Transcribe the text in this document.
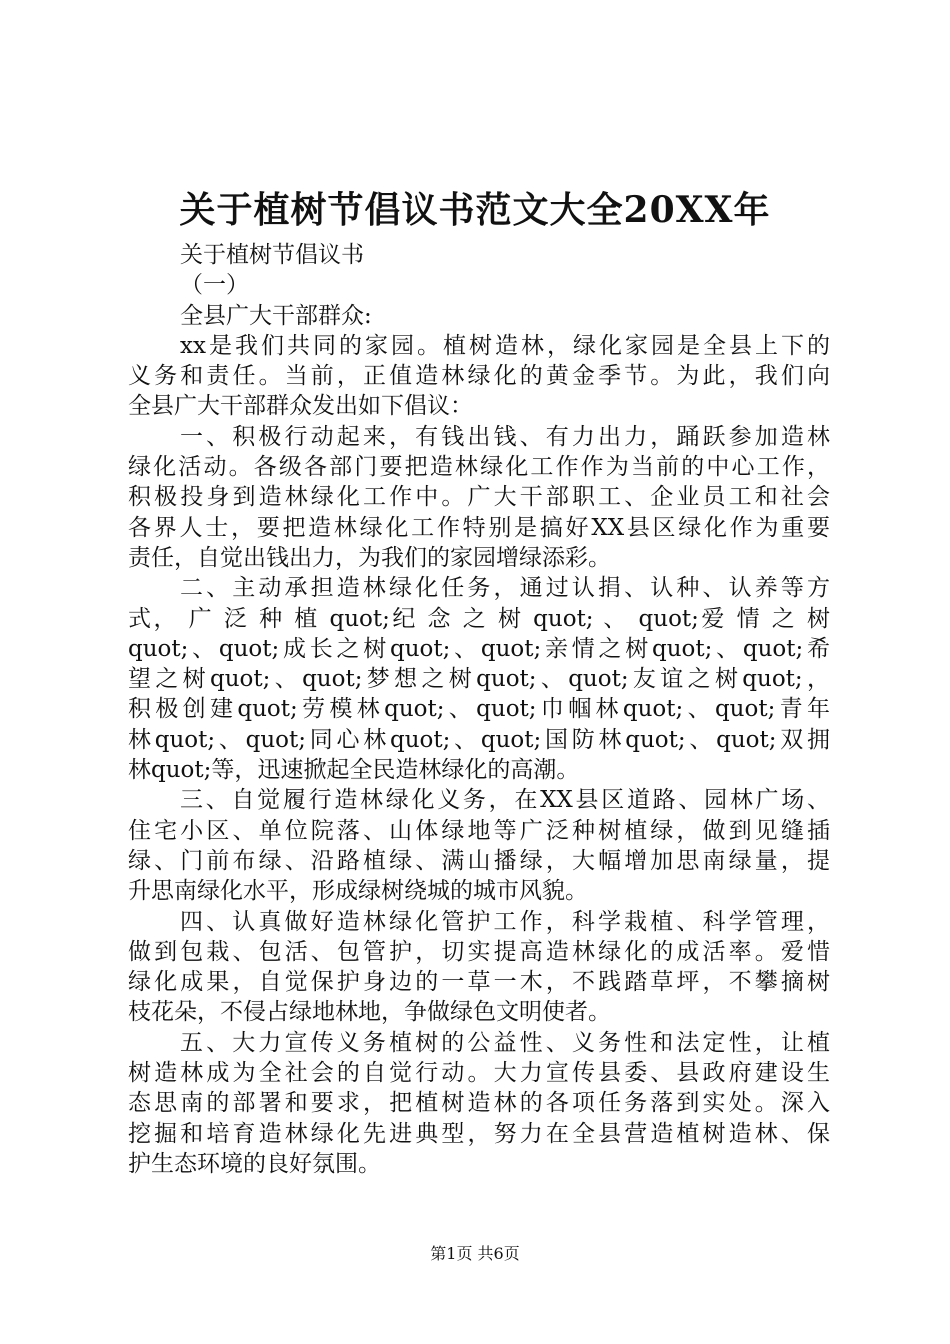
关于植树节倡议书范文大全20XX年
关于植树节倡议书
（一）
全县广大干部群众:
xx是我们共同的家园。植树造林，绿化家园是全县上下的
义务和责任。当前，正值造林绿化的黄金季节。为此，我们向
全县广大干部群众发出如下倡议：
一、积极行动起来，有钱出钱、有力出力，踊跃参加造林
绿化活动。各级各部门要把造林绿化工作作为当前的中心工作，
积极投身到造林绿化工作中。广大干部职工、企业员工和社会
各界人士，要把造林绿化工作特别是搞好XX县区绿化作为重要
责任，自觉出钱出力，为我们的家园增绿添彩。
二、主动承担造林绿化任务，通过认捐、认种、认养等方
式， 广 泛 种 植 quot;纪 念 之 树 quot; 、 quot;爱 情 之 树
quot;、quot;成长之树quot;、quot;亲情之树quot;、quot;希
望之树quot;、quot;梦想之树quot;、quot;友谊之树quot;，
积极创建quot;劳模林quot;、quot;巾帼林quot;、quot;青年
林quot;、quot;同心林quot;、quot;国防林quot;、quot;双拥
林quot;等，迅速掀起全民造林绿化的高潮。
三、自觉履行造林绿化义务，在XX县区道路、园林广场、
住宅小区、单位院落、山体绿地等广泛种树植绿，做到见缝插
绿、门前布绿、沿路植绿、满山播绿，大幅增加思南绿量，提
升思南绿化水平，形成绿树绕城的城市风貌。
四、认真做好造林绿化管护工作，科学栽植、科学管理，
做到包栽、包活、包管护，切实提高造林绿化的成活率。爱惜
绿化成果，自觉保护身边的一草一木，不践踏草坪，不攀摘树
枝花朵，不侵占绿地林地，争做绿色文明使者。
五、大力宣传义务植树的公益性、义务性和法定性，让植
树造林成为全社会的自觉行动。大力宣传县委、县政府建设生
态思南的部署和要求，把植树造林的各项任务落到实处。深入
挖掘和培育造林绿化先进典型，努力在全县营造植树造林、保
护生态环境的良好氛围。
第1页 共6页
